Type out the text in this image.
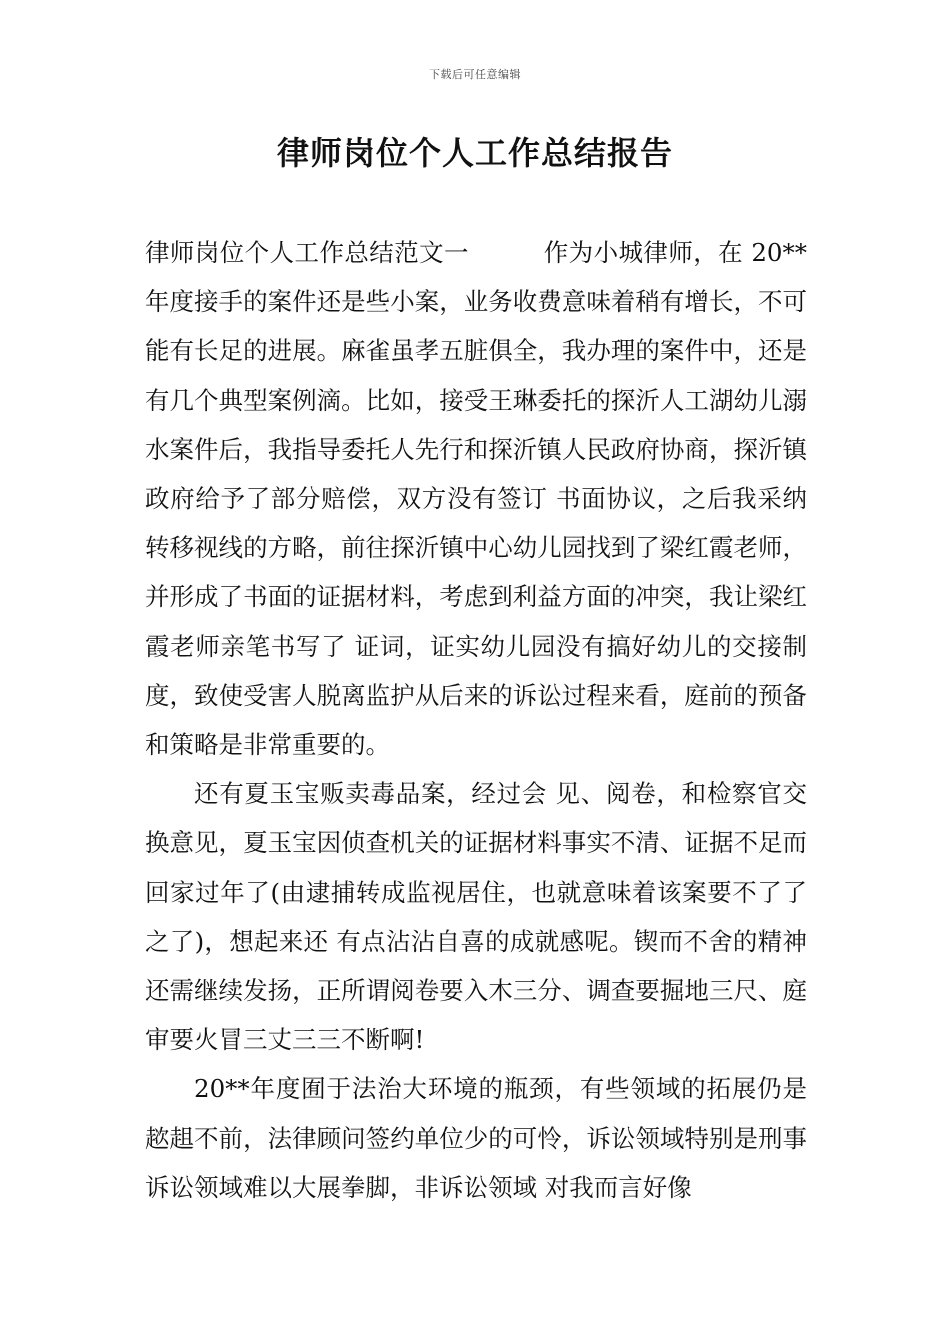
下载后可任意编辑
律师岗位个人工作总结报告

律师岗位个人工作总结范文一　　　作为小城律师，在 20**年度接手的案件还是些小案，业务收费意味着稍有增长，不可能有长足的进展。麻雀虽孝五脏俱全，我办理的案件中，还是 有几个典型案例滴。比如，接受王琳委托的探沂人工湖幼儿溺水案件后，我指导委托人先行和探沂镇人民政府协商，探沂镇政府给予了部分赔偿，双方没有签订 书面协议，之后我采纳转移视线的方略，前往探沂镇中心幼儿园找到了梁红霞老师，并形成了书面的证据材料，考虑到利益方面的冲突，我让梁红霞老师亲笔书写了 证词，证实幼儿园没有搞好幼儿的交接制度，致使受害人脱离监护从后来的诉讼过程来看，庭前的预备和策略是非常重要的。

还有夏玉宝贩卖毒品案，经过会 见、阅卷，和检察官交换意见，夏玉宝因侦查机关的证据材料事实不清、证据不足而回家过年了(由逮捕转成监视居住，也就意味着该案要不了了之了)，想起来还 有点沾沾自喜的成就感呢。锲而不舍的精神还需继续发扬，正所谓阅卷要入木三分、调查要掘地三尺、庭审要火冒三丈三三不断啊!

20**年度囿于法治大环境的瓶颈，有些领域的拓展仍是趑趄不前，法律顾问签约单位少的可怜，诉讼领域特别是刑事诉讼领域难以大展拳脚，非诉讼领域 对我而言好像
